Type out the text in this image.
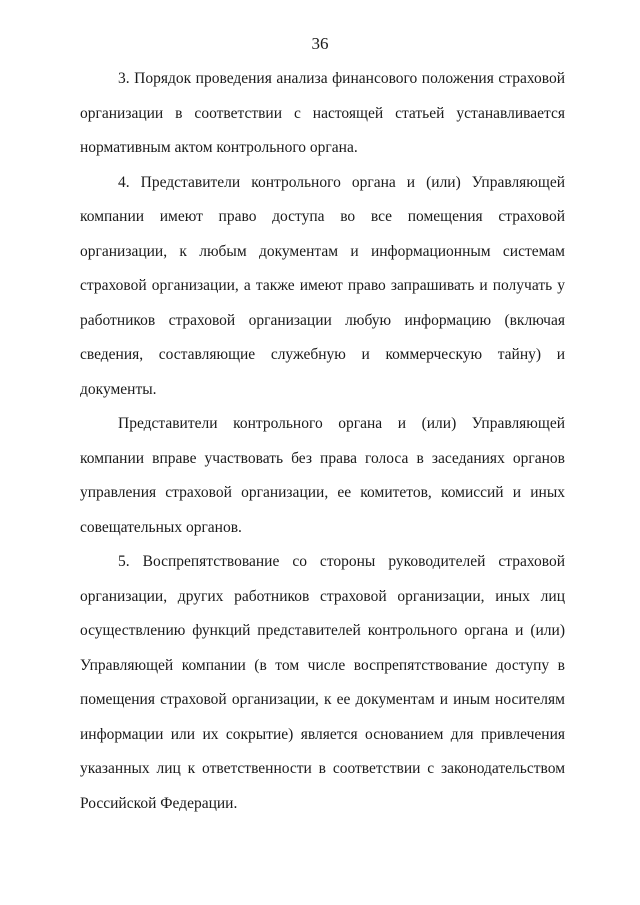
36

3. Порядок проведения анализа финансового положения страховой организации в соответствии с настоящей статьей устанавливается нормативным актом контрольного органа.

4. Представители контрольного органа и (или) Управляющей компании имеют право доступа во все помещения страховой организации, к любым документам и информационным системам страховой организации, а также имеют право запрашивать и получать у работников страховой организации любую информацию (включая сведения, составляющие служебную и коммерческую тайну) и документы.

Представители контрольного органа и (или) Управляющей компании вправе участвовать без права голоса в заседаниях органов управления страховой организации, ее комитетов, комиссий и иных совещательных органов.

5. Воспрепятствование со стороны руководителей страховой организации, других работников страховой организации, иных лиц осуществлению функций представителей контрольного органа и (или) Управляющей компании (в том числе воспрепятствование доступу в помещения страховой организации, к ее документам и иным носителям информации или их сокрытие) является основанием для привлечения указанных лиц к ответственности в соответствии с законодательством Российской Федерации.
